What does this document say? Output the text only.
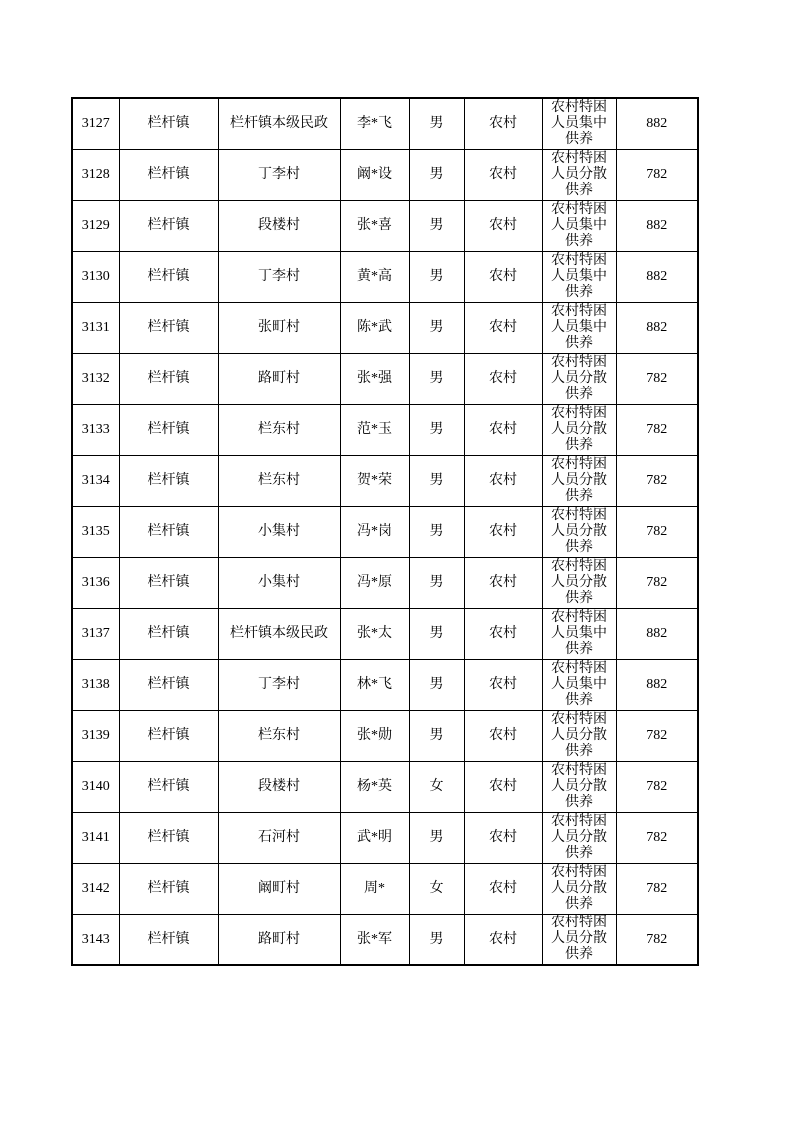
3127	栏杆镇	栏杆镇本级民政	李*飞	男	农村	农村特困人员集中供养	882
3128	栏杆镇	丁李村	阚*设	男	农村	农村特困人员分散供养	782
3129	栏杆镇	段楼村	张*喜	男	农村	农村特困人员集中供养	882
3130	栏杆镇	丁李村	黄*高	男	农村	农村特困人员集中供养	882
3131	栏杆镇	张町村	陈*武	男	农村	农村特困人员集中供养	882
3132	栏杆镇	路町村	张*强	男	农村	农村特困人员分散供养	782
3133	栏杆镇	栏东村	范*玉	男	农村	农村特困人员分散供养	782
3134	栏杆镇	栏东村	贺*荣	男	农村	农村特困人员分散供养	782
3135	栏杆镇	小集村	冯*岗	男	农村	农村特困人员分散供养	782
3136	栏杆镇	小集村	冯*原	男	农村	农村特困人员分散供养	782
3137	栏杆镇	栏杆镇本级民政	张*太	男	农村	农村特困人员集中供养	882
3138	栏杆镇	丁李村	林*飞	男	农村	农村特困人员集中供养	882
3139	栏杆镇	栏东村	张*勋	男	农村	农村特困人员分散供养	782
3140	栏杆镇	段楼村	杨*英	女	农村	农村特困人员分散供养	782
3141	栏杆镇	石河村	武*明	男	农村	农村特困人员分散供养	782
3142	栏杆镇	阚町村	周*	女	农村	农村特困人员分散供养	782
3143	栏杆镇	路町村	张*军	男	农村	农村特困人员分散供养	782
